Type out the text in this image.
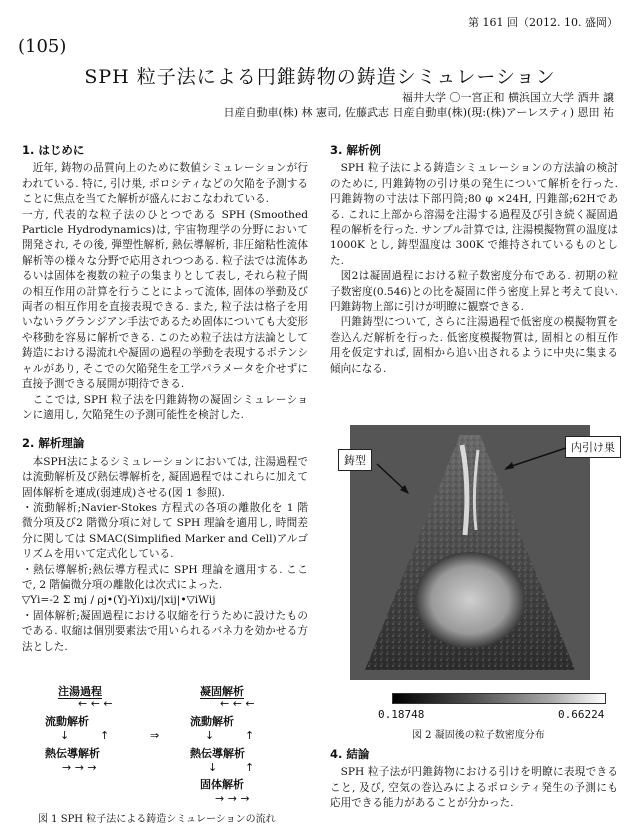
第 161 回（2012. 10. 盛岡）
(105)
SPH 粒子法による円錐鋳物の鋳造シミュレーション
福井大学 〇一宮正和 横浜国立大学 酒井 譲
日産自動車(株) 林 憲司, 佐藤武志 日産自動車(株)(現:(株)アーレスティ) 恩田 祐
1. はじめに

近年, 鋳物の品質向上のために数値シミュレーションが行われている. 特に, 引け巣, ポロシティなどの欠陥を予測することに焦点を当てた解析が盛んにおこなわれている.

一方, 代表的な粒子法のひとつである SPH (Smoothed Particle Hydrodynamics)は, 宇宙物理学の分野において開発され, その後, 弾塑性解析, 熱伝導解析, 非圧縮粘性流体解析等の様々な分野で応用されつつある. 粒子法では流体あるいは固体を複数の粒子の集まりとして表し, それら粒子間の相互作用の計算を行うことによって流体, 固体の挙動及び両者の相互作用を直接表現できる. また, 粒子法は格子を用いないラグランジアン手法であるため固体についても大変形や移動を容易に解析できる. このため粒子法は方法論として鋳造における湯流れや凝固の過程の挙動を表現するポテンシャルがあり, そこでの欠陥発生を工学パラメータを介せずに直接予測できる展開が期待できる.

ここでは, SPH 粒子法を円錐鋳物の凝固シミュレーションに適用し, 欠陥発生の予測可能性を検討した.

2. 解析理論

本SPH法によるシミュレーションにおいては, 注湯過程では流動解析及び熱伝導解析を, 凝固過程ではこれらに加えて固体解析を連成(弱連成)させる(図 1 参照).

・流動解析;Navier-Stokes 方程式の各項の離散化を 1 階微分項及び2 階微分項に対して SPH 理論を適用し, 時間差分に関しては SMAC(Simplified Marker and Cell)アルゴリズムを用いて定式化している.

・熱伝導解析;熱伝導方程式に SPH 理論を適用する. ここで, 2 階偏微分項の離散化は次式によった.

▽Yi=-2 Σ mj / ρj•(Yj-Yi)xij/|xij|•▽iWij

・固体解析;凝固過程における収縮を行うために設けたものである. 収縮は個別要素法で用いられるバネ力を効かせる方法とした.

注湯過程	凝固解析
← ← ←	← ← ←
流動解析	流動解析
↓	↑	⇒	↓	↑
熱伝導解析	熱伝導解析
→ → →	↓	↑
固体解析
→ → →
図 1 SPH 粒子法による鋳造シミュレーションの流れ
3. 解析例

SPH 粒子法による鋳造シミュレーションの方法論の検討のために, 円錐鋳物の引け巣の発生について解析を行った. 円錐鋳物の寸法は下部円筒;80 φ ×24H, 円錐部;62Hである. これに上部から溶湯を注湯する過程及び引き続く凝固過程の解析を行った. サンプル計算では, 注湯模擬物質の温度は 1000K とし, 鋳型温度は 300K で維持されているものとした.

図2は凝固過程における粒子数密度分布である. 初期の粒子数密度(0.546)との比を凝固に伴う密度上昇と考えて良い. 円錐鋳物上部に引けが明瞭に観察できる.

円錐鋳型について, さらに注湯過程で低密度の模擬物質を巻込んだ解析を行った. 低密度模擬物質は, 固相との相互作用を仮定すれば, 固相から追い出されるように中央に集まる傾向になる.

内引け巣
鋳型
0.18748	0.66224
図 2 凝固後の粒子数密度分布
4. 結論

SPH 粒子法が円錐鋳物における引けを明瞭に表現できること, 及び, 空気の巻込みによるポロシティ発生の予測にも応用できる能力があることが分かった.
